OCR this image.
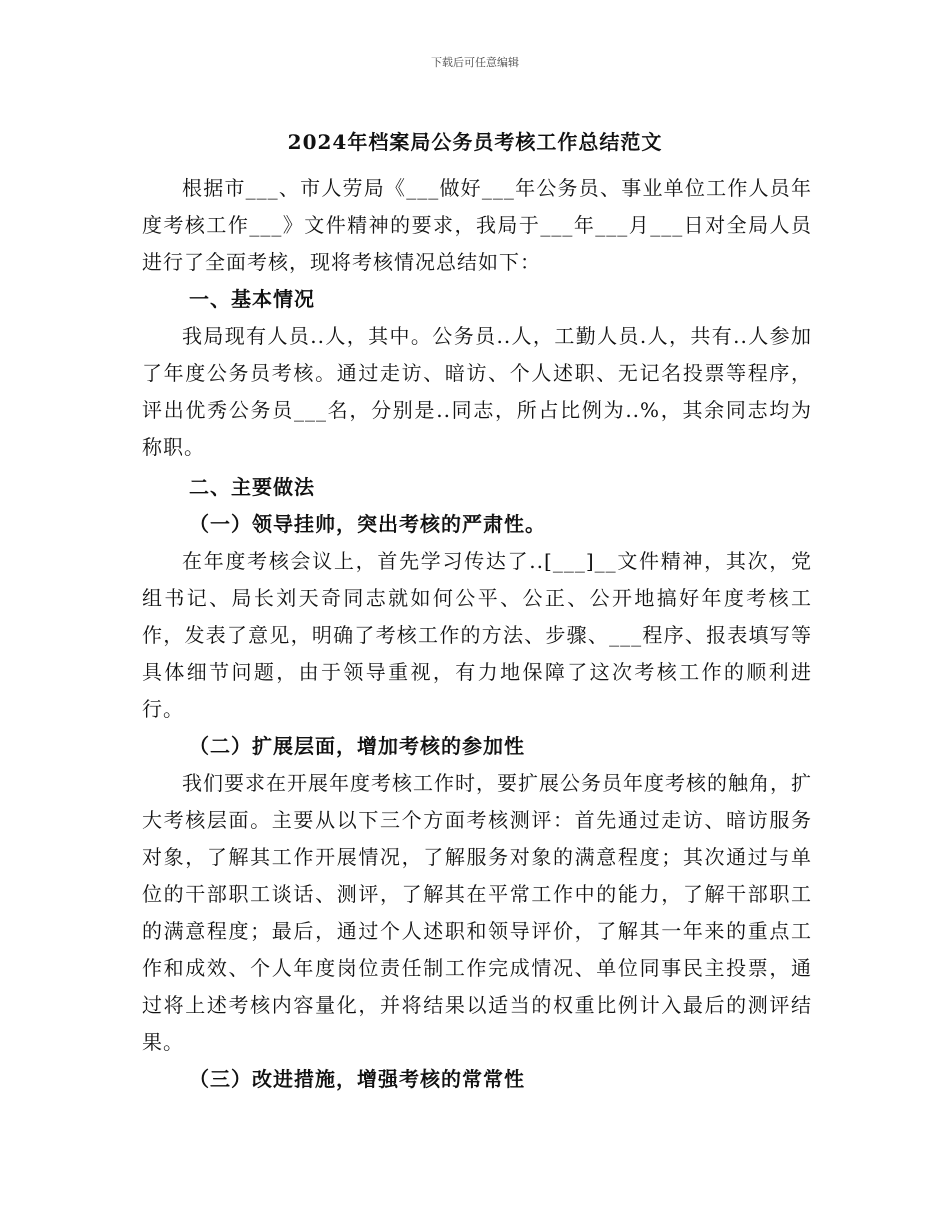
下载后可任意编辑
2024年档案局公务员考核工作总结范文

根据市___、市人劳局《___做好___年公务员、事业单位工作人员年度考核工作___》文件精神的要求，我局于___年___月___日对全局人员进行了全面考核，现将考核情况总结如下：

一、基本情况

我局现有人员..人，其中。公务员..人，工勤人员.人，共有..人参加了年度公务员考核。通过走访、暗访、个人述职、无记名投票等程序，评出优秀公务员___名，分别是..同志，所占比例为..%，其余同志均为称职。

二、主要做法

（一）领导挂帅，突出考核的严肃性。

在年度考核会议上，首先学习传达了..[___]__文件精神，其次，党组书记、局长刘天奇同志就如何公平、公正、公开地搞好年度考核工作，发表了意见，明确了考核工作的方法、步骤、___程序、报表填写等具体细节问题，由于领导重视，有力地保障了这次考核工作的顺利进行。

（二）扩展层面，增加考核的参加性

我们要求在开展年度考核工作时，要扩展公务员年度考核的触角，扩大考核层面。主要从以下三个方面考核测评：首先通过走访、暗访服务对象，了解其工作开展情况，了解服务对象的满意程度；其次通过与单位的干部职工谈话、测评，了解其在平常工作中的能力，了解干部职工的满意程度；最后，通过个人述职和领导评价，了解其一年来的重点工作和成效、个人年度岗位责任制工作完成情况、单位同事民主投票，通过将上述考核内容量化，并将结果以适当的权重比例计入最后的测评结果。

（三）改进措施，增强考核的常常性
